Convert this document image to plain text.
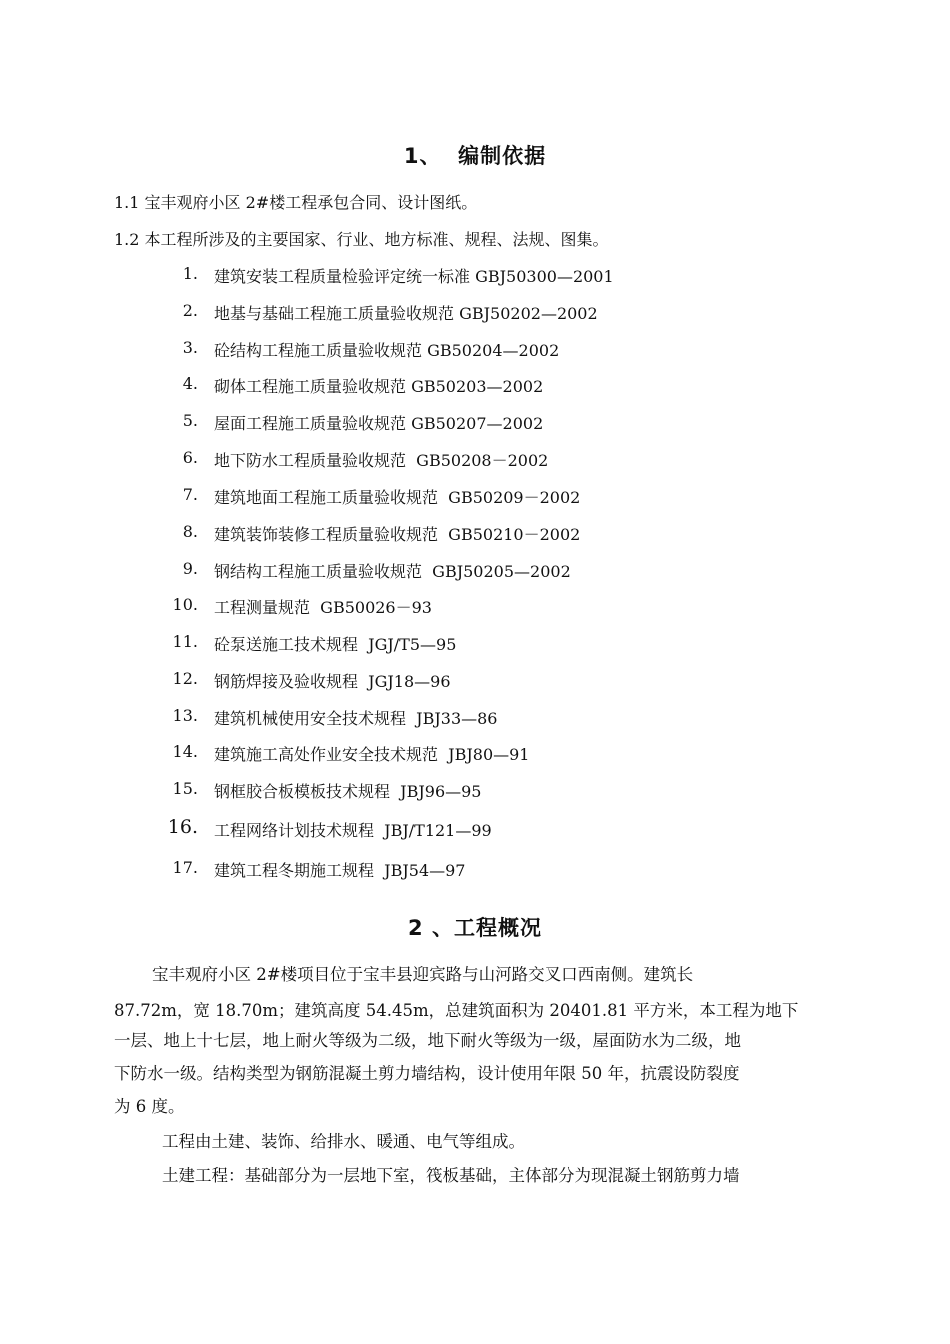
1、  编制依据
1.1 宝丰观府小区 2#楼工程承包合同、设计图纸。
1.2 本工程所涉及的主要国家、行业、地方标准、规程、法规、图集。
1. 建筑安装工程质量检验评定统一标准 GBJ50300—2001
2. 地基与基础工程施工质量验收规范 GBJ50202—2002
3. 砼结构工程施工质量验收规范 GB50204—2002
4. 砌体工程施工质量验收规范 GB50203—2002
5. 屋面工程施工质量验收规范 GB50207—2002
6. 地下防水工程质量验收规范  GB50208－2002
7. 建筑地面工程施工质量验收规范  GB50209－2002
8. 建筑装饰装修工程质量验收规范  GB50210－2002
9. 钢结构工程施工质量验收规范  GBJ50205—2002
10. 工程测量规范  GB50026－93
11. 砼泵送施工技术规程  JGJ/T5—95
12. 钢筋焊接及验收规程  JGJ18—96
13. 建筑机械使用安全技术规程  JBJ33—86
14. 建筑施工高处作业安全技术规范  JBJ80—91
15. 钢框胶合板模板技术规程  JBJ96—95
16. 工程网络计划技术规程  JBJ/T121—99
17. 建筑工程冬期施工规程  JBJ54—97
2 、工程概况
宝丰观府小区 2#楼项目位于宝丰县迎宾路与山河路交叉口西南侧。建筑长
87.72m，宽 18.70m；建筑高度 54.45m，总建筑面积为 20401.81 平方米，本工程为地下
一层、地上十七层，地上耐火等级为二级，地下耐火等级为一级，屋面防水为二级，地
下防水一级。结构类型为钢筋混凝土剪力墙结构，设计使用年限 50 年，抗震设防裂度
为 6 度。
工程由土建、装饰、给排水、暖通、电气等组成。
土建工程：基础部分为一层地下室，筏板基础，主体部分为现混凝土钢筋剪力墙
